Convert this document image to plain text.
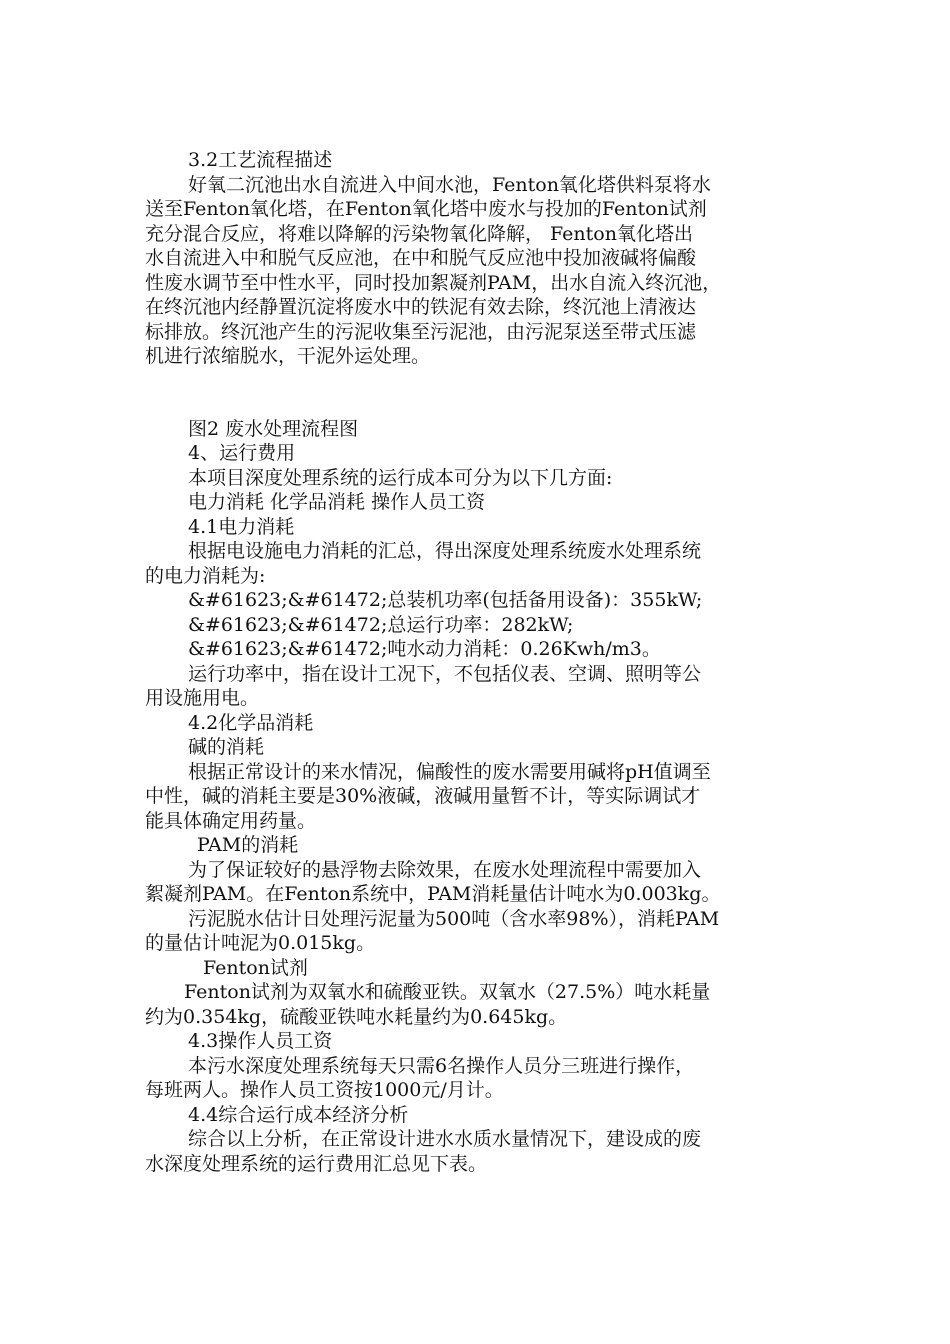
3.2工艺流程描述

好氧二沉池出水自流进入中间水池，Fenton氧化塔供料泵将水

送至Fenton氧化塔，在Fenton氧化塔中废水与投加的Fenton试剂

充分混合反应，将难以降解的污染物氧化降解， Fenton氧化塔出

水自流进入中和脱气反应池，在中和脱气反应池中投加液碱将偏酸

性废水调节至中性水平，同时投加絮凝剂PAM，出水自流入终沉池，

在终沉池内经静置沉淀将废水中的铁泥有效去除，终沉池上清液达

标排放。终沉池产生的污泥收集至污泥池，由污泥泵送至带式压滤

机进行浓缩脱水，干泥外运处理。

图2 废水处理流程图

4、运行费用

本项目深度处理系统的运行成本可分为以下几方面:

电力消耗 化学品消耗 操作人员工资

4.1电力消耗

根据电设施电力消耗的汇总，得出深度处理系统废水处理系统

的电力消耗为:

&#61623;&#61472;总装机功率(包括备用设备)：355kW;

&#61623;&#61472;总运行功率：282kW;

&#61623;&#61472;吨水动力消耗：0.26Kwh/m3。

运行功率中，指在设计工况下，不包括仪表、空调、照明等公

用设施用电。

4.2化学品消耗

碱的消耗

根据正常设计的来水情况，偏酸性的废水需要用碱将pH值调至

中性，碱的消耗主要是30%液碱，液碱用量暂不计，等实际调试才

能具体确定用药量。

PAM的消耗

为了保证较好的悬浮物去除效果，在废水处理流程中需要加入

絮凝剂PAM。在Fenton系统中，PAM消耗量估计吨水为0.003kg。

污泥脱水估计日处理污泥量为500吨（含水率98%），消耗PAM

的量估计吨泥为0.015kg。

Fenton试剂

Fenton试剂为双氧水和硫酸亚铁。双氧水（27.5%）吨水耗量

约为0.354kg，硫酸亚铁吨水耗量约为0.645kg。

4.3操作人员工资

本污水深度处理系统每天只需6名操作人员分三班进行操作，

每班两人。操作人员工资按1000元/月计。

4.4综合运行成本经济分析

综合以上分析，在正常设计进水水质水量情况下，建设成的废

水深度处理系统的运行费用汇总见下表。
